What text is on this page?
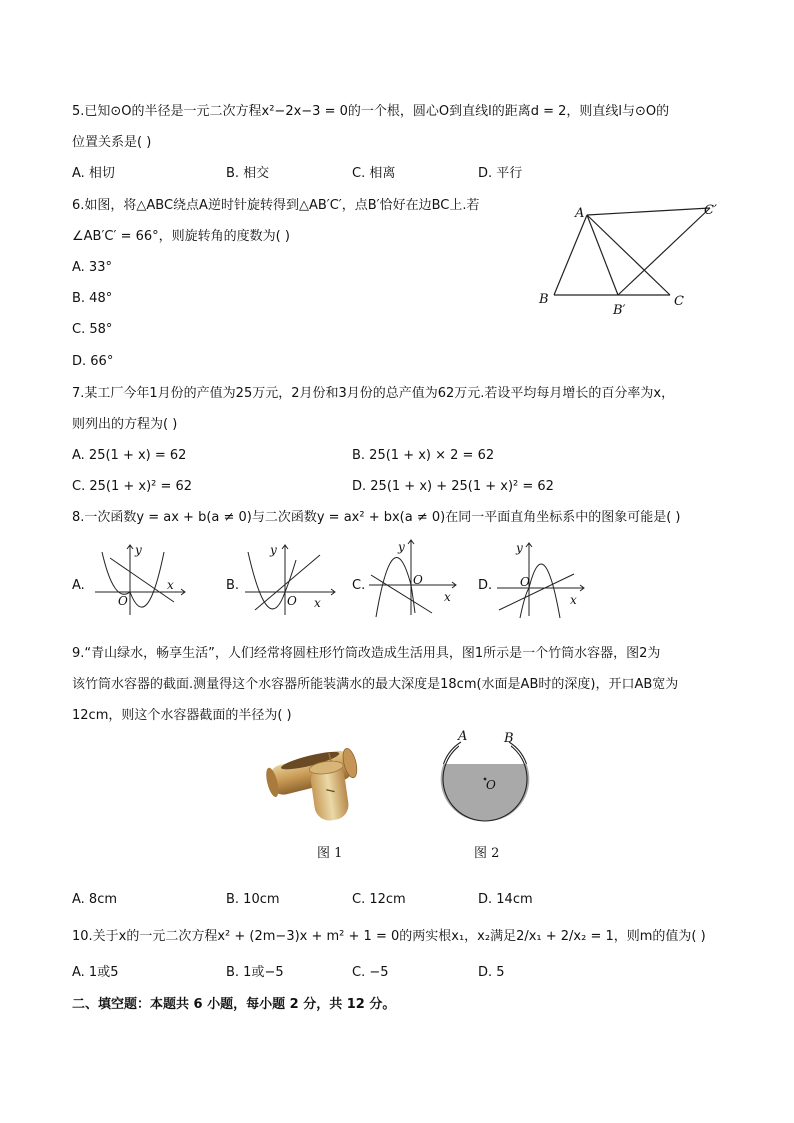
5.已知⊙O的半径是一元二次方程x²−2x−3 = 0的一个根，圆心O到直线l的距离d = 2，则直线l与⊙O的
位置关系是( )
A. 相切	B. 相交	C. 相离	D. 平行
6.如图，将△ABC绕点A逆时针旋转得到△AB′C′，点B′恰好在边BC上.若
∠AB′C′ = 66°，则旋转角的度数为( )
A. 33°
B. 48°
C. 58°
D. 66°
A	C′
B
B′
C
7.某工厂今年1月份的产值为25万元，2月份和3月份的总产值为62万元.若设平均每月增长的百分率为x，
则列出的方程为( )
A. 25(1 + x) = 62	B. 25(1 + x) × 2 = 62
C. 25(1 + x)² = 62	D. 25(1 + x) + 25(1 + x)² = 62
8.一次函数y = ax + b(a ≠ 0)与二次函数y = ax² + bx(a ≠ 0)在同一平面直角坐标系中的图象可能是( )
A.
y
x
O
B.
y
x
O
C.
y
x
O	D.
y
x
O
9.“青山绿水，畅享生活”，人们经常将圆柱形竹筒改造成生活用具，图1所示是一个竹筒水容器，图2为
该竹筒水容器的截面.测量得这个水容器所能装满水的最大深度是18cm(水面是AB时的深度)，开口AB宽为
12cm，则这个水容器截面的半径为( )
A	B
O
图 1	图 2
A. 8cm	B. 10cm	C. 12cm	D. 14cm
10.关于x的一元二次方程x² + (2m−3)x + m² + 1 = 0的两实根x₁，x₂满足2/x₁ + 2/x₂ = 1，则m的值为( )
A. 1或5	B. 1或−5	C. −5	D. 5
二、填空题：本题共 6 小题，每小题 2 分，共 12 分。
